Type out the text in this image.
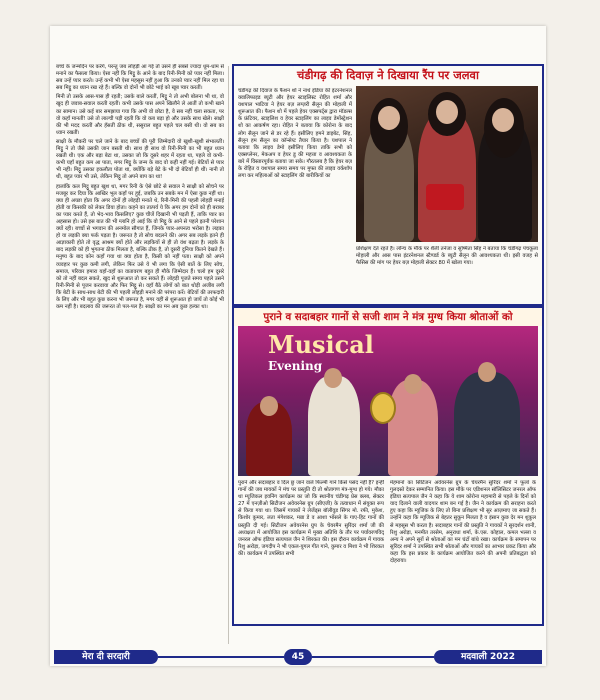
बच्चे के जन्मदिन पर करेंगे, परन्तु जब लोहड़ी आ गई तो उसने ही सबसे ज्यादा धूम-धाम से मनाने का फैसला किया। ऐसा नहीं कि मिट्ठू के आने के बाद रिनी-मिनी को प्यार नहीं मिला। सब उन्हें प्यार करते। उन्हें कभी भी ऐसा महसूस नहीं हुआ कि उनको प्यार नहीं मिल रहा या सब मिट्ठू का ध्यान रख रहे हैं। बल्कि वो दोनों भी छोटे भाई को खूब प्यार करतीं।

मिनी तो उसके आस-पास ही रहती; उसके बाले करतीं, मिट्ठू ने तो अभी बोलना भी था, वो खुद ही जवाब-सवाल करती रहतीं। कभी उसके पास अपने खिलौने ले आतीं तो कभी खाने का सामान। उसे कई बार समझाया गया कि अभी वो छोटा है, वे सब नहीं चला सकता, पर वो कहाँ मानतीं! उसे तो लाल्ची पड़ी रहती कि वो कब बड़ा हो और उसके साथ खेले। साक्षी की भी मदद करतीं और हँसतीं ठीक थी, ससुराल बहुत पहले चल बसी थी। वो सब का ध्यान रखतीं।

साक्षी के मौकरी पर चले जाने के बाद बच्चों की पूरी जिम्मेदारी वो खुशी-खुशी संभालतीं। मिट्ठू ने तो जैसे उसकी जान बसती थी। साथ ही साथ वो रिनी-मिनी का भी बहुत ध्यान रखती थी। एक और बड़ा बेटा था, उसका जो कि दूसरे शहर में रहता था, पहले वो कभी-कभी यहाँ बहुत कम आ पाता, मगर मिट्ठू के जन्म के बाद वो कहीं नहीं गई। बेटियों से प्यार भी नहीं। मिट्ठू उसका इकलौता पोता था, क्योंकि बड़े बेटे के भी दो बेटियाँ ही थीं। नानी तो थी, बहुत प्यार भी उसे, लेकिन मिट्ठू तो अपने बाप का था!

हालांकि कल मिट्ठू बहुत खुश था, मगर रिनी के ऐसे छोटे से सवाल ने साक्षी को सोचने पर मजबूर कर दिया कि आखिर भूल कहाँ पर हुई, जबकि उन सबके मन में ऐसा कुछ नहीं था। क्या ही अच्छा होता कि अगर दोनों ही लोहड़ी मनाते थे, रिनी-मिनी की पहली लोहड़ी मनाई होती या किसकी को लेकर डिया होता। कहने का तात्पर्य ये कि अगर हम दोनों को ही बराबर का प्यार करते हैं, तो भेद-भाव किसलिए? कुछ चीजें दिखानी भी पड़ती हैं, ताकि प्यार का अहसास हो। उसे इस बात की भी ग्लानि हो आई कि वो मिट्ठू के आने से पहले इतनी परेशान क्यों रही। बच्चों से भगवान की अनमोल सौगात हैं, जिनके प्यार-अपनत्व भरोसा है। लड़का हो या लड़की क्या फर्क पड़ता है। जरूरत है तो सोच बदलने की। अगर सब लड़के इतने ही आज्ञाकारी होते तो वृद्ध आश्रम क्यों होते और लड़कियों से ही तो वंश बढ़ता है। लड़के के बाद लड़की को ही भुगतना ठीक मिलता है, बल्कि ठीक है, तो दूसरी दुनिया कितने देखते हैं। मनुष्य के बाद कोन कहाँ गया था क्या होता है, किसी को नहीं पता। साक्षी को अपने व्यवहार पर कुछ कमी लगी, लेकिन फिर उसे ये भी लगा कि ऐसी बातें के लिए सोच, समाज, परिवार हमारा यहाँ-वहाँ का वातावरण बहुत ही मौके जिम्मेदार हैं। चलो हम दूसरे को तो नहीं बदल सकते, खुद से शुरूआत तो कर सकते हैं। लोहड़ी पूजते समय पहले उसने रिनी-मिनी से पूजन करवाया और फिर मिट्ठू से। वहाँ बैठे लोगों को बात थोड़ी अजीब लगी कि बेटी के साथ-साथ बेटी की भी पहली लोहड़ी मनाने की परंपरा करें। बेटियों की तरफदारी के लिए और भी बहुत कुछ करना भी जरूरत है, मगर यहीं से शुरूआत हो जायें तो कोई भी कम नहीं है। बदलाव की जरूरत तो पल-पल है। साक्षी का मन अब कुछ हल्का था।

चंडीगढ़ की दिवाज़ ने दिखाया रैंप पर जलवा
चंडीगढ़ की दिवाज के फैशन शो ने नार्थ इंडिया की इंटरनेशनल क्वालिफाइड ब्यूटी और हेयर स्टाइलिस्ट रोहित शर्मा और यशपाल भाटिया ने हेयर बज़ लग्ज़री सैलून की मोहाली में शुरूआत की। फैशन शो में पहले हेयर एक्सपर्ट्स द्वारा मॉडल्स के फ्रंटियर, स्टाइलिश व हेयर स्टाइलिंग का लाइव डेमोंस्ट्रेशन शो का आकर्षण रहा। रोहित ने बताया कि कोरोना के बाद लोग सैलून जाने से डर रहे हैं। इसीलिए हमने डाइबेट, सिंह, सैलून हम सैलून का कॉन्सेप्ट तैयार किया है। यशपाल ने बताया कि लाइव डेमो इसीलिए किया ताकि सभी को एक्सप्लेनर, मेकअप व हेयर डू की महत्ता व आवश्यकता के बारे में विस्तारपूर्वक बताया जा सके। गौरतलब है कि हेयर बज़ के रोहित व यशपाल समय समय पर मुफ्त की लाइव वर्कशॉप लगा कर महिलाओं को स्टाइलिंग की बारीकियों का
प्रशिक्षण देते रहते हैं। लॉन्च के मौके पर शैली तनेजा व सुष्मिता सिंह ने बताया कि चंडीगढ़ पंचकूला मोहाली और आस पास इंटरनेशनल स्टैण्डर्ड के ब्यूटी सैलून की आवश्यकता थी। इसी वजह से फैसिस की मांग पर हेयर बज़ मोहाली सेक्टर 80 में खोला गया।
पुराने व सदाबहार गानों से सजी शाम ने मंत्र मुग्ध किया श्रोताओं को
Musical
Evening
पुराने और सदाबहार व दिल छू जाने वाले फिल्मी गाने किसे पसंद नहीं हैं? इन्हीं गानों की जब मायकों ने मंच पर प्रस्तुति दी तो श्रोतागण मंत्र-मुग्ध हो गये। मौका था म्यूजिकल इवनिंग कार्यक्रम का जो कि स्थानीय चंडीगढ़ प्रेस क्लब, सेक्टर 27 में एनज़ीओ सिटीजन अवेयरनेस ग्रुप (सीएजी) के तत्वाधान में संयुक्त रूप से किया गया था। जिसमें गायकों ने लेजेंड्स बॉलीवुड सिंगर मो. रफी, मुकेश, किशोर कुमार, लता मंगेशकर, मन्ना डे व आशा भोंसले के गाए-हिट गानों की प्रस्तुति दी गई। सिटीजन अवेयरनेस ग्रुप के चेयरमैन सुरिंदर शर्मा जी की अध्यक्षता में आयोजित इस कार्यक्रम में मुख्य अतिथि के तौर पर पर्यावरणविद् जनरल ऑफ इंडिया सत्यपाल जैन ने शिरकत की। इस दौरान कार्यक्रम में गायक रिशु अरोड़ा, जगदीप ने भी एकल-युगल गीत गाने, कुमार व मिशा ने भी शिरकत की। कार्यक्रम में उपस्थित सभी
मेहमानों का सिटिजन अवेयरनेस ग्रुप के चेयरमैन सुरिंदर शर्मा ने फूलों के गुलदस्ते देकर सम्मानित किया। इस मौके पर एडिशनल सॉलिसिटर जनरल ऑफ इंडिया सत्यपाल जैन ने कहा कि ये शाम कोरोना महामारी से पहले के दिनों को याद दिलाने वाली यादगार शाम बन गई है। जैन ने कार्यक्रम की सराहना करते हुए कहा कि म्यूजिक के लिए तो बिना प्रशिक्षण भी सुर आज़माए जा सकते हैं। उन्होंने कहा कि म्यूजिक से बेहतर सुकून मिलता है व इंसान कुछ देर मन शुकूल से महसूस भी करता है। सदाबहार गानों की प्रस्तुति ने गायकों ने सुरदर्शन शानी, रिशु अरोड़ा, मनमीत तरसेम, अनुराधा शर्मा, के.एस. कोहाल, कमल भल्ला व अन्य ने अपने सुरों से श्रोताओं का मन घंटों बांधे रखा। कार्यक्रम के समापन पर सुरिंदर शर्मा ने उपस्थित सभी श्रोताओं और गायकों का आभार प्रकट किया और कहा कि इस प्रकार के कार्यक्रम आयोजित करने की अपनी प्रतिबद्धता को दोहराया।
मेरा दी सरदारी	45	मदवाली 2022
